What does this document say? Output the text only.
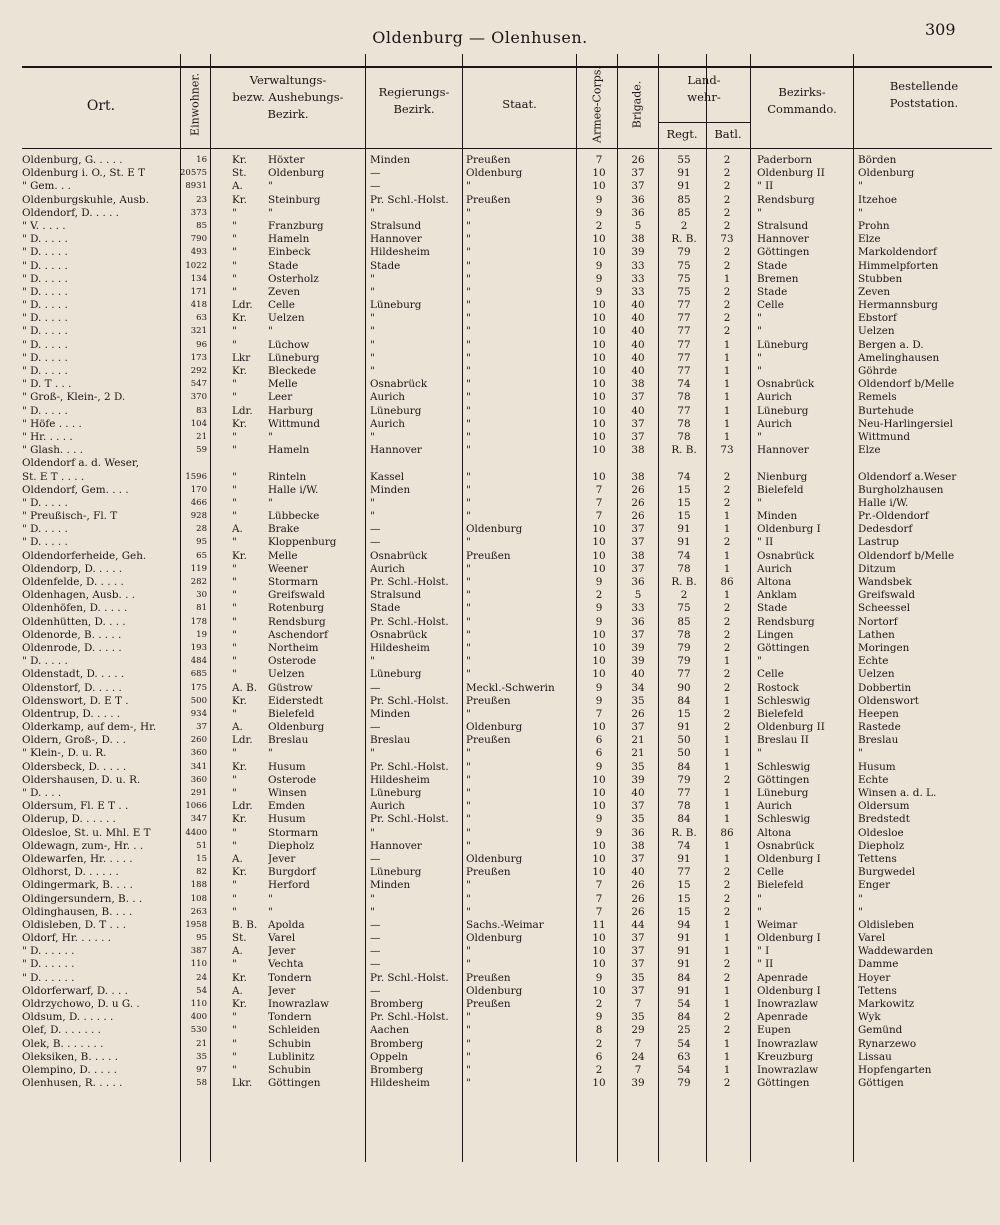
Oldenburg — Olenhusen.	309
Ort.	Einwohner.	Verwaltungs-
bezw. Aushebungs-
Bezirk.
Regierungs-
Bezirk.	Staat.	Armee-Corps. Brigade.
Land-
wehr-
Regt.	Batl.
Bezirks-
Commando.
Bestellende
Poststation.
Oldenburg, G. . . . .	16 Kr.	Höxter	Minden	Preußen	7	26	55	2	Paderborn	Börden
Oldenburg i. O., St. E T	20575 St.	Oldenburg	—	Oldenburg	10	37	91	2	Oldenburg II	Oldenburg
" Gem. . .	8931 A.	"	—	"	10	37	91	2	" II	"
Oldenburgskuhle, Ausb.	23 Kr.	Steinburg	Pr. Schl.-Holst.	Preußen	9	36	85	2	Rendsburg	Itzehoe
Oldendorf, D. . . . .	373 "	"	"	"	9	36	85	2	"	"
" V. . . . .	85 "	Franzburg	Stralsund	"	2	5	2	2	Stralsund	Prohn
" D. . . . .	790 "	Hameln	Hannover	"	10	38	R. B.	73	Hannover	Elze
" D. . . . .	493 "	Einbeck	Hildesheim	"	10	39	79	2	Göttingen	Markoldendorf
" D. . . . .	1022 "	Stade	Stade	"	9	33	75	2	Stade	Himmelpforten
" D. . . . .	134 "	Osterholz	"	"	9	33	75	1	Bremen	Stubben
" D. . . . .	171 "	Zeven	"	"	9	33	75	2	Stade	Zeven
" D. . . . .	418 Ldr.	Celle	Lüneburg	"	10	40	77	2	Celle	Hermannsburg
" D. . . . .	63 Kr.	Uelzen	"	"	10	40	77	2	"	Ebstorf
" D. . . . .	321 "	"	"	"	10	40	77	2	"	Uelzen
" D. . . . .	96 "	Lüchow	"	"	10	40	77	1	Lüneburg	Bergen a. D.
" D. . . . .	173 Lkr	Lüneburg	"	"	10	40	77	1	"	Amelinghausen
" D. . . . .	292 Kr.	Bleckede	"	"	10	40	77	1	"	Göhrde
" D. T . . .	547 "	Melle	Osnabrück	"	10	38	74	1	Osnabrück	Oldendorf b/Melle
" Groß-, Klein-, 2 D.	370 "	Leer	Aurich	"	10	37	78	1	Aurich	Remels
" D. . . . .	83 Ldr.	Harburg	Lüneburg	"	10	40	77	1	Lüneburg	Burtehude
" Höfe . . . .	104 Kr.	Wittmund	Aurich	"	10	37	78	1	Aurich	Neu-Harlingersiel
" Hr. . . . .	21 "	"	"	"	10	37	78	1	"	Wittmund
" Glash. . . .	59 "	Hameln	Hannover	"	10	38	R. B.	73	Hannover	Elze
Oldendorf a. d. Weser,
St. E T . . . .	1596 "	Rinteln	Kassel	"	10	38	74	2	Nienburg	Oldendorf a.Weser
Oldendorf, Gem. . . .	170 "	Halle i/W.	Minden	"	7	26	15	2	Bielefeld	Burgholzhausen
" D. . . . .	466 "	"	"	"	7	26	15	2	"	Halle i/W.
" Preußisch-, Fl. T	928 "	Lübbecke	"	"	7	26	15	1	Minden	Pr.-Oldendorf
" D. . . . .	28 A.	Brake	—	Oldenburg	10	37	91	1	Oldenburg I	Dedesdorf
" D. . . . .	95 "	Kloppenburg	—	"	10	37	91	2	" II	Lastrup
Oldendorferheide, Geh.	65 Kr.	Melle	Osnabrück	Preußen	10	38	74	1	Osnabrück	Oldendorf b/Melle
Oldendorp, D. . . . .	119 "	Weener	Aurich	"	10	37	78	1	Aurich	Ditzum
Oldenfelde, D. . . . .	282 "	Stormarn	Pr. Schl.-Holst.	"	9	36	R. B.	86	Altona	Wandsbek
Oldenhagen, Ausb. . .	30 "	Greifswald	Stralsund	"	2	5	2	1	Anklam	Greifswald
Oldenhöfen, D. . . . .	81 "	Rotenburg	Stade	"	9	33	75	2	Stade	Scheessel
Oldenhütten, D. . . .	178 "	Rendsburg	Pr. Schl.-Holst.	"	9	36	85	2	Rendsburg	Nortorf
Oldenorde, B. . . . .	19 "	Aschendorf	Osnabrück	"	10	37	78	2	Lingen	Lathen
Oldenrode, D. . . . .	193 "	Northeim	Hildesheim	"	10	39	79	2	Göttingen	Moringen
" D. . . . .	484 "	Osterode	"	"	10	39	79	1	"	Echte
Oldenstadt, D. . . . .	685 "	Uelzen	Lüneburg	"	10	40	77	2	Celle	Uelzen
Oldenstorf, D. . . . .	175 A. B.	Güstrow	—	Meckl.-Schwerin	9	34	90	2	Rostock	Dobbertin
Oldenswort, D. E T .	500 Kr.	Eiderstedt	Pr. Schl.-Holst.	Preußen	9	35	84	1	Schleswig	Oldenswort
Oldentrup, D. . . . .	934 "	Bielefeld	Minden	"	7	26	15	2	Bielefeld	Heepen
Olderkamp, auf dem-, Hr.	37 A.	Oldenburg	—	Oldenburg	10	37	91	2	Oldenburg II	Rastede
Oldern, Groß-, D. . .	260 Ldr.	Breslau	Breslau	Preußen	6	21	50	1	Breslau II	Breslau
" Klein-, D. u. R.	360 "	"	"	"	6	21	50	1	"	"
Oldersbeck, D. . . . .	341 Kr.	Husum	Pr. Schl.-Holst.	"	9	35	84	1	Schleswig	Husum
Oldershausen, D. u. R.	360 "	Osterode	Hildesheim	"	10	39	79	2	Göttingen	Echte
" D. . . .	291 "	Winsen	Lüneburg	"	10	40	77	1	Lüneburg	Winsen a. d. L.
Oldersum, Fl. E T . .	1066 Ldr.	Emden	Aurich	"	10	37	78	1	Aurich	Oldersum
Olderup, D. . . . . .	347 Kr.	Husum	Pr. Schl.-Holst.	"	9	35	84	1	Schleswig	Bredstedt
Oldesloe, St. u. Mhl. E T	4400 "	Stormarn	"	"	9	36	R. B.	86	Altona	Oldesloe
Oldewagn, zum-, Hr. . .	51 "	Diepholz	Hannover	"	10	38	74	1	Osnabrück	Diepholz
Oldewarfen, Hr. . . . .	15 A.	Jever	—	Oldenburg	10	37	91	1	Oldenburg I	Tettens
Oldhorst, D. . . . . .	82 Kr.	Burgdorf	Lüneburg	Preußen	10	40	77	2	Celle	Burgwedel
Oldingermark, B. . . .	188 "	Herford	Minden	"	7	26	15	2	Bielefeld	Enger
Oldingersundern, B. . .	108 "	"	"	"	7	26	15	2	"	"
Oldinghausen, B. . . .	263 "	"	"	"	7	26	15	2	"	"
Oldisleben, D. T . . .	1958 B. B.	Apolda	—	Sachs.-Weimar	11	44	94	1	Weimar	Oldisleben
Oldorf, Hr. . . . . .	95 St.	Varel	—	Oldenburg	10	37	91	1	Oldenburg I	Varel
" D. . . . . .	387 A.	Jever	—	"	10	37	91	1	" I	Waddewarden
" D. . . . . .	110 "	Vechta	—	"	10	37	91	2	" II	Damme
" D. . . . . .	24 Kr.	Tondern	Pr. Schl.-Holst.	Preußen	9	35	84	2	Apenrade	Hoyer
Oldorferwarf, D. . . .	54 A.	Jever	—	Oldenburg	10	37	91	1	Oldenburg I	Tettens
Oldrzychowo, D. u G. .	110 Kr.	Inowrazlaw	Bromberg	Preußen	2	7	54	1	Inowrazlaw	Markowitz
Oldsum, D. . . . . .	400 "	Tondern	Pr. Schl.-Holst.	"	9	35	84	2	Apenrade	Wyk
Olef, D. . . . . . .	530 "	Schleiden	Aachen	"	8	29	25	2	Eupen	Gemünd
Olek, B. . . . . . .	21 "	Schubin	Bromberg	"	2	7	54	1	Inowrazlaw	Rynarzewo
Oleksiken, B. . . . .	35 "	Lublinitz	Oppeln	"	6	24	63	1	Kreuzburg	Lissau
Olempino, D. . . . .	97 "	Schubin	Bromberg	"	2	7	54	1	Inowrazlaw	Hopfengarten
Olenhusen, R. . . . .	58 Lkr.	Göttingen	Hildesheim	"	10	39	79	2	Göttingen	Göttigen
